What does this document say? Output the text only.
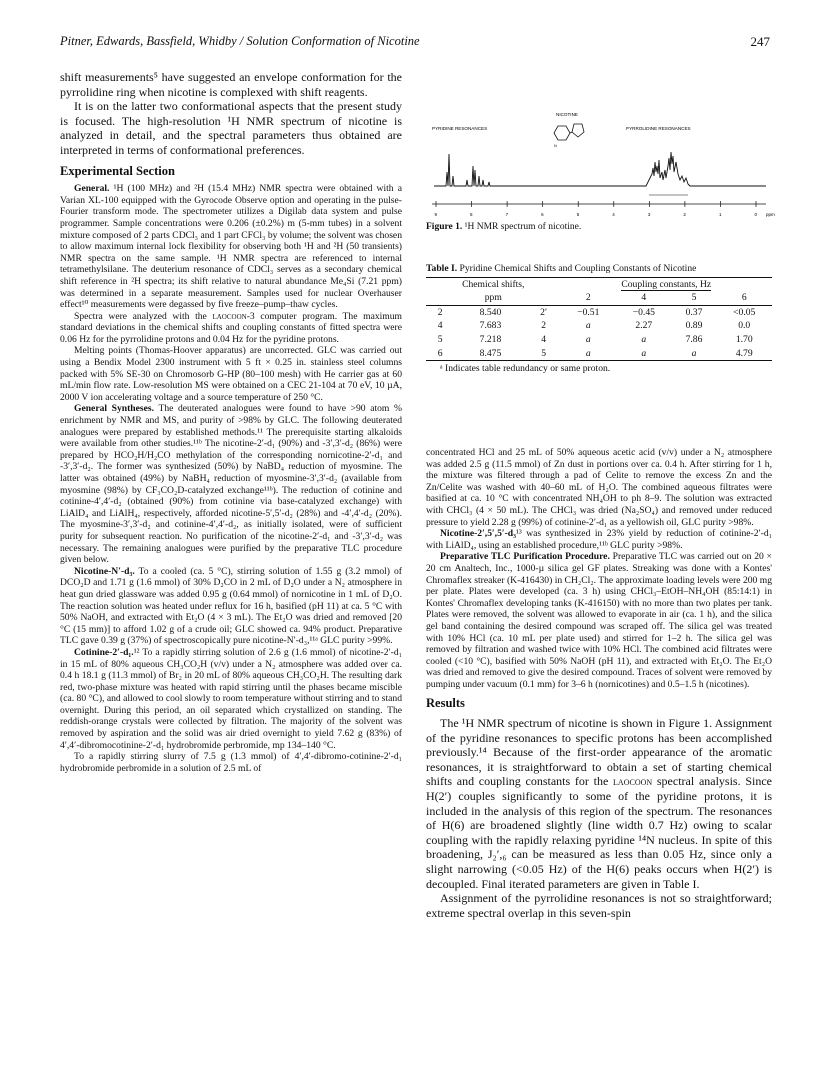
Pitner, Edwards, Bassfield, Whidby / Solution Conformation of Nicotine	247

shift measurements⁵ have suggested an envelope conformation for the pyrrolidine ring when nicotine is complexed with shift reagents.

It is on the latter two conformational aspects that the present study is focused. The high-resolution ¹H NMR spectrum of nicotine is analyzed in detail, and the spectral parameters thus obtained are interpreted in terms of conformational preferences.

Experimental Section

General. ¹H (100 MHz) and ²H (15.4 MHz) NMR spectra were obtained with a Varian XL-100 equipped with the Gyrocode Observe option and operating in the pulse-Fourier transform mode. The spectrometer utilizes a Digilab data system and pulse programmer. Sample concentrations were 0.206 (±0.2%) m (5-mm tubes) in a solvent mixture composed of 2 parts CDCl₃ and 1 part CFCl₃ by volume; the solvent was chosen to allow maximum internal lock flexibility for observing both ¹H and ²H (50 transients) NMR spectra on the same sample. ¹H NMR spectra are referenced to internal tetramethylsilane. The deuterium resonance of CDCl₃ serves as a secondary chemical shift reference in ²H spectra; its shift relative to natural abundance Me₄Si (7.21 ppm) was determined in a separate measurement. Samples used for nuclear Overhauser effect¹⁰ measurements were degassed by five freeze–pump–thaw cycles.

Spectra were analyzed with the laocoon-3 computer program. The maximum standard deviations in the chemical shifts and coupling constants of fitted spectra were 0.06 Hz for the pyrrolidine protons and 0.04 Hz for the pyridine protons.

Melting points (Thomas-Hoover apparatus) are uncorrected. GLC was carried out using a Bendix Model 2300 instrument with 5 ft × 0.25 in. stainless steel columns packed with 5% SE-30 on Chromosorb G-HP (80–100 mesh) with He carrier gas at 60 mL/min flow rate. Low-resolution MS were obtained on a CEC 21-104 at 70 eV, 10 µA, 2000 V ion accelerating voltage and a source temperature of 250 °C.

General Syntheses. The deuterated analogues were found to have >90 atom % enrichment by NMR and MS, and purity of >98% by GLC. The following deuterated analogues were prepared by established methods.¹¹ The prerequisite starting alkaloids were available from other studies.¹¹ᵇ The nicotine-2′-d₁ (90%) and -3′,3′-d₂ (86%) were prepared by HCO₂H/H₂CO methylation of the corresponding nornicotine-2′-d₁ and -3′,3′-d₂. The former was synthesized (50%) by NaBD₄ reduction of myosmine. The latter was obtained (49%) by NaBH₄ reduction of myosmine-3′,3′-d₂ (available from myosmine (98%) by CF₃CO₂D-catalyzed exchange¹¹ᵇ). The reduction of cotinine and cotinine-4′,4′-d₂ (obtained (90%) from cotinine via base-catalyzed exchange) with LiAlD₄ and LiAlH₄, respectively, afforded nicotine-5′,5′-d₂ (28%) and -4′,4′-d₂ (20%). The myosmine-3′,3′-d₂ and cotinine-4′,4′-d₂, as initially isolated, were of sufficient purity for subsequent reaction. No purification of the nicotine-2′-d₁ and -3′,3′-d₂ was necessary. The remaining analogues were purified by the preparative TLC procedure given below.

Nicotine-N′-d₃. To a cooled (ca. 5 °C), stirring solution of 1.55 g (3.2 mmol) of DCO₂D and 1.71 g (1.6 mmol) of 30% D₂CO in 2 mL of D₂O under a N₂ atmosphere in heat gun dried glassware was added 0.95 g (0.64 mmol) of nornicotine in 1 mL of D₂O. The reaction solution was heated under reflux for 16 h, basified (pH 11) at ca. 5 °C with 50% NaOH, and extracted with Et₂O (4 × 3 mL). The Et₂O was dried and removed [20 °C (15 mm)] to afford 1.02 g of a crude oil; GLC showed ca. 94% product. Preparative TLC gave 0.39 g (37%) of spectroscopically pure nicotine-N′-d₃,¹¹ᵃ GLC purity >99%.

Cotinine-2′-d₁.¹² To a rapidly stirring solution of 2.6 g (1.6 mmol) of nicotine-2′-d₁ in 15 mL of 80% aqueous CH₃CO₂H (v/v) under a N₂ atmosphere was added over ca. 0.4 h 18.1 g (11.3 mmol) of Br₂ in 20 mL of 80% aqueous CH₃CO₂H. The resulting dark red, two-phase mixture was heated with rapid stirring until the phases became miscible (ca. 80 °C), and allowed to cool slowly to room temperature without stirring and to stand overnight. During this period, an oil separated which crystallized on standing. The reddish-orange crystals were collected by filtration. The majority of the solvent was removed by aspiration and the solid was air dried overnight to yield 7.62 g (83%) of 4′,4′-dibromocotinine-2′-d₁ hydrobromide perbromide, mp 134–140 °C.

To a rapidly stirring slurry of 7.5 g (1.3 mmol) of 4′,4′-dibromo-cotinine-2′-d₁ hydrobromide perbromide in a solution of 2.5 mL of

PYRIDINE RESONANCES
NICOTINE
PYRROLIDINE RESONANCES
N
9	8	7	6	5	4	3	2	1	0 ppm
Figure 1. ¹H NMR spectrum of nicotine.
Table I. Pyridine Chemical Shifts and Coupling Constants of Nicotine
Chemical shifts,			Coupling constants, Hz			
ppm			2	4	5	6
2	8.540	2′	−0.51	−0.45	0.37	<0.05
4	7.683	2	a	2.27	0.89	0.0
5	7.218	4	a	a	7.86	1.70
6	8.475	5	a	a	a	4.79
ᵃ Indicates table redundancy or same proton.

concentrated HCl and 25 mL of 50% aqueous acetic acid (v/v) under a N₂ atmosphere was added 2.5 g (11.5 mmol) of Zn dust in portions over ca. 0.4 h. After stirring for 1 h, the mixture was filtered through a pad of Celite to remove the excess Zn and the Zn/Celite was washed with 40–60 mL of H₂O. The combined aqueous filtrates were basified at ca. 10 °C with concentrated NH₄OH to ph 8–9. The solution was extracted with CHCl₃ (4 × 50 mL). The CHCl₃ was dried (Na₂SO₄) and removed under reduced pressure to yield 2.28 g (99%) of cotinine-2′-d₁ as a yellowish oil, GLC purity >98%.

Nicotine-2′,5′,5′-d₃¹³ was synthesized in 23% yield by reduction of cotinine-2′-d₁ with LiAlD₄, using an established procedure,¹¹ᵇ GLC purity >98%.

Preparative TLC Purification Procedure. Preparative TLC was carried out on 20 × 20 cm Analtech, Inc., 1000-µ silica gel GF plates. Streaking was done with a Kontes' Chromaflex streaker (K-416430) in CH₂Cl₂. The approximate loading levels were 200 mg per plate. Plates were developed (ca. 3 h) using CHCl₃–EtOH–NH₄OH (85:14:1) in Kontes' Chromaflex developing tanks (K-416150) with no more than two plates per tank. Plates were removed, the solvent was allowed to evaporate in air (ca. 1 h), and the silica gel band containing the desired compound was scraped off. The silica gel was treated with 10% HCl (ca. 10 mL per plate used) and stirred for 1–2 h. The silica gel was removed by filtration and washed twice with 10% HCl. The combined acid filtrates were cooled (<10 °C), basified with 50% NaOH (pH 11), and extracted with Et₂O. The Et₂O was dried and removed to give the desired compound. Traces of solvent were removed by pumping under vacuum (0.1 mm) for 3–6 h (nornicotines) and 0.5–1.5 h (nicotines).

Results

The ¹H NMR spectrum of nicotine is shown in Figure 1. Assignment of the pyridine resonances to specific protons has been accomplished previously.¹⁴ Because of the first-order appearance of the aromatic resonances, it is straightforward to obtain a set of starting chemical shifts and coupling constants for the laocoon spectral analysis. Since H(2′) couples significantly to some of the pyridine protons, it is included in the analysis of this region of the spectrum. The resonances of H(6) are broadened slightly (line width 0.7 Hz) owing to scalar coupling with the rapidly relaxing pyridine ¹⁴N nucleus. In spite of this broadening, J₂′,₆ can be measured as less than 0.05 Hz, since only a slight narrowing (<0.05 Hz) of the H(6) peaks occurs when H(2′) is decoupled. Final iterated parameters are given in Table I.

Assignment of the pyrrolidine resonances is not so straightforward; extreme spectral overlap in this seven-spin
